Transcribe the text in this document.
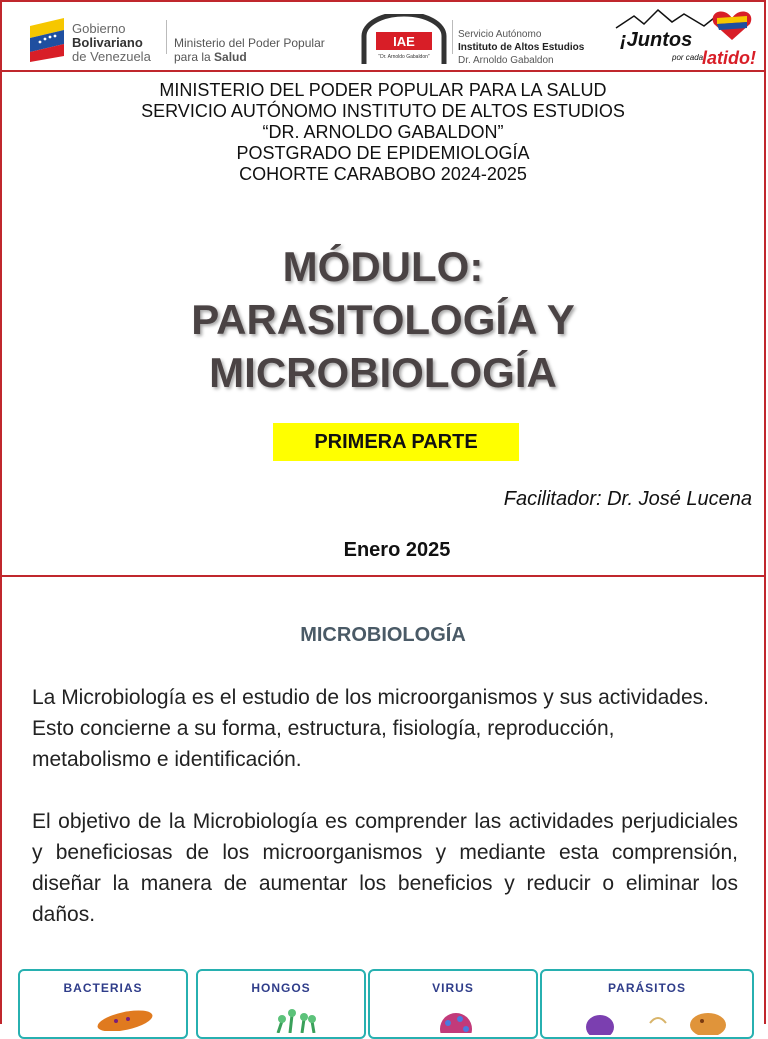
Gobierno
Bolivariano
de Venezuela
Ministerio del Poder Popular
para la Salud
IAE
“Dr. Arnoldo Gabaldon”
Servicio Autónomo
Instituto de Altos Estudios
Dr. Arnoldo Gabaldon
¡Juntos
por cada
latido!
MINISTERIO DEL PODER POPULAR PARA LA SALUD
SERVICIO AUTÓNOMO INSTITUTO DE ALTOS ESTUDIOS
“DR. ARNOLDO GABALDON”
POSTGRADO DE EPIDEMIOLOGÍA
COHORTE CARABOBO 2024-2025
MÓDULO:
PARASITOLOGÍA Y
MICROBIOLOGÍA
PRIMERA PARTE
Facilitador: Dr. José Lucena
Enero 2025
MICROBIOLOGÍA
La Microbiología es el estudio de los microorganismos y sus actividades. Esto concierne a su forma, estructura, fisiología, reproducción, metabolismo e identificación.
El objetivo de la Microbiología es comprender las actividades perjudiciales y beneficiosas de los microorganismos y mediante esta comprensión, diseñar la manera de aumentar los beneficios y reducir o eliminar los daños.
BACTERIAS	HONGOS	VIRUS	PARÁSITOS
